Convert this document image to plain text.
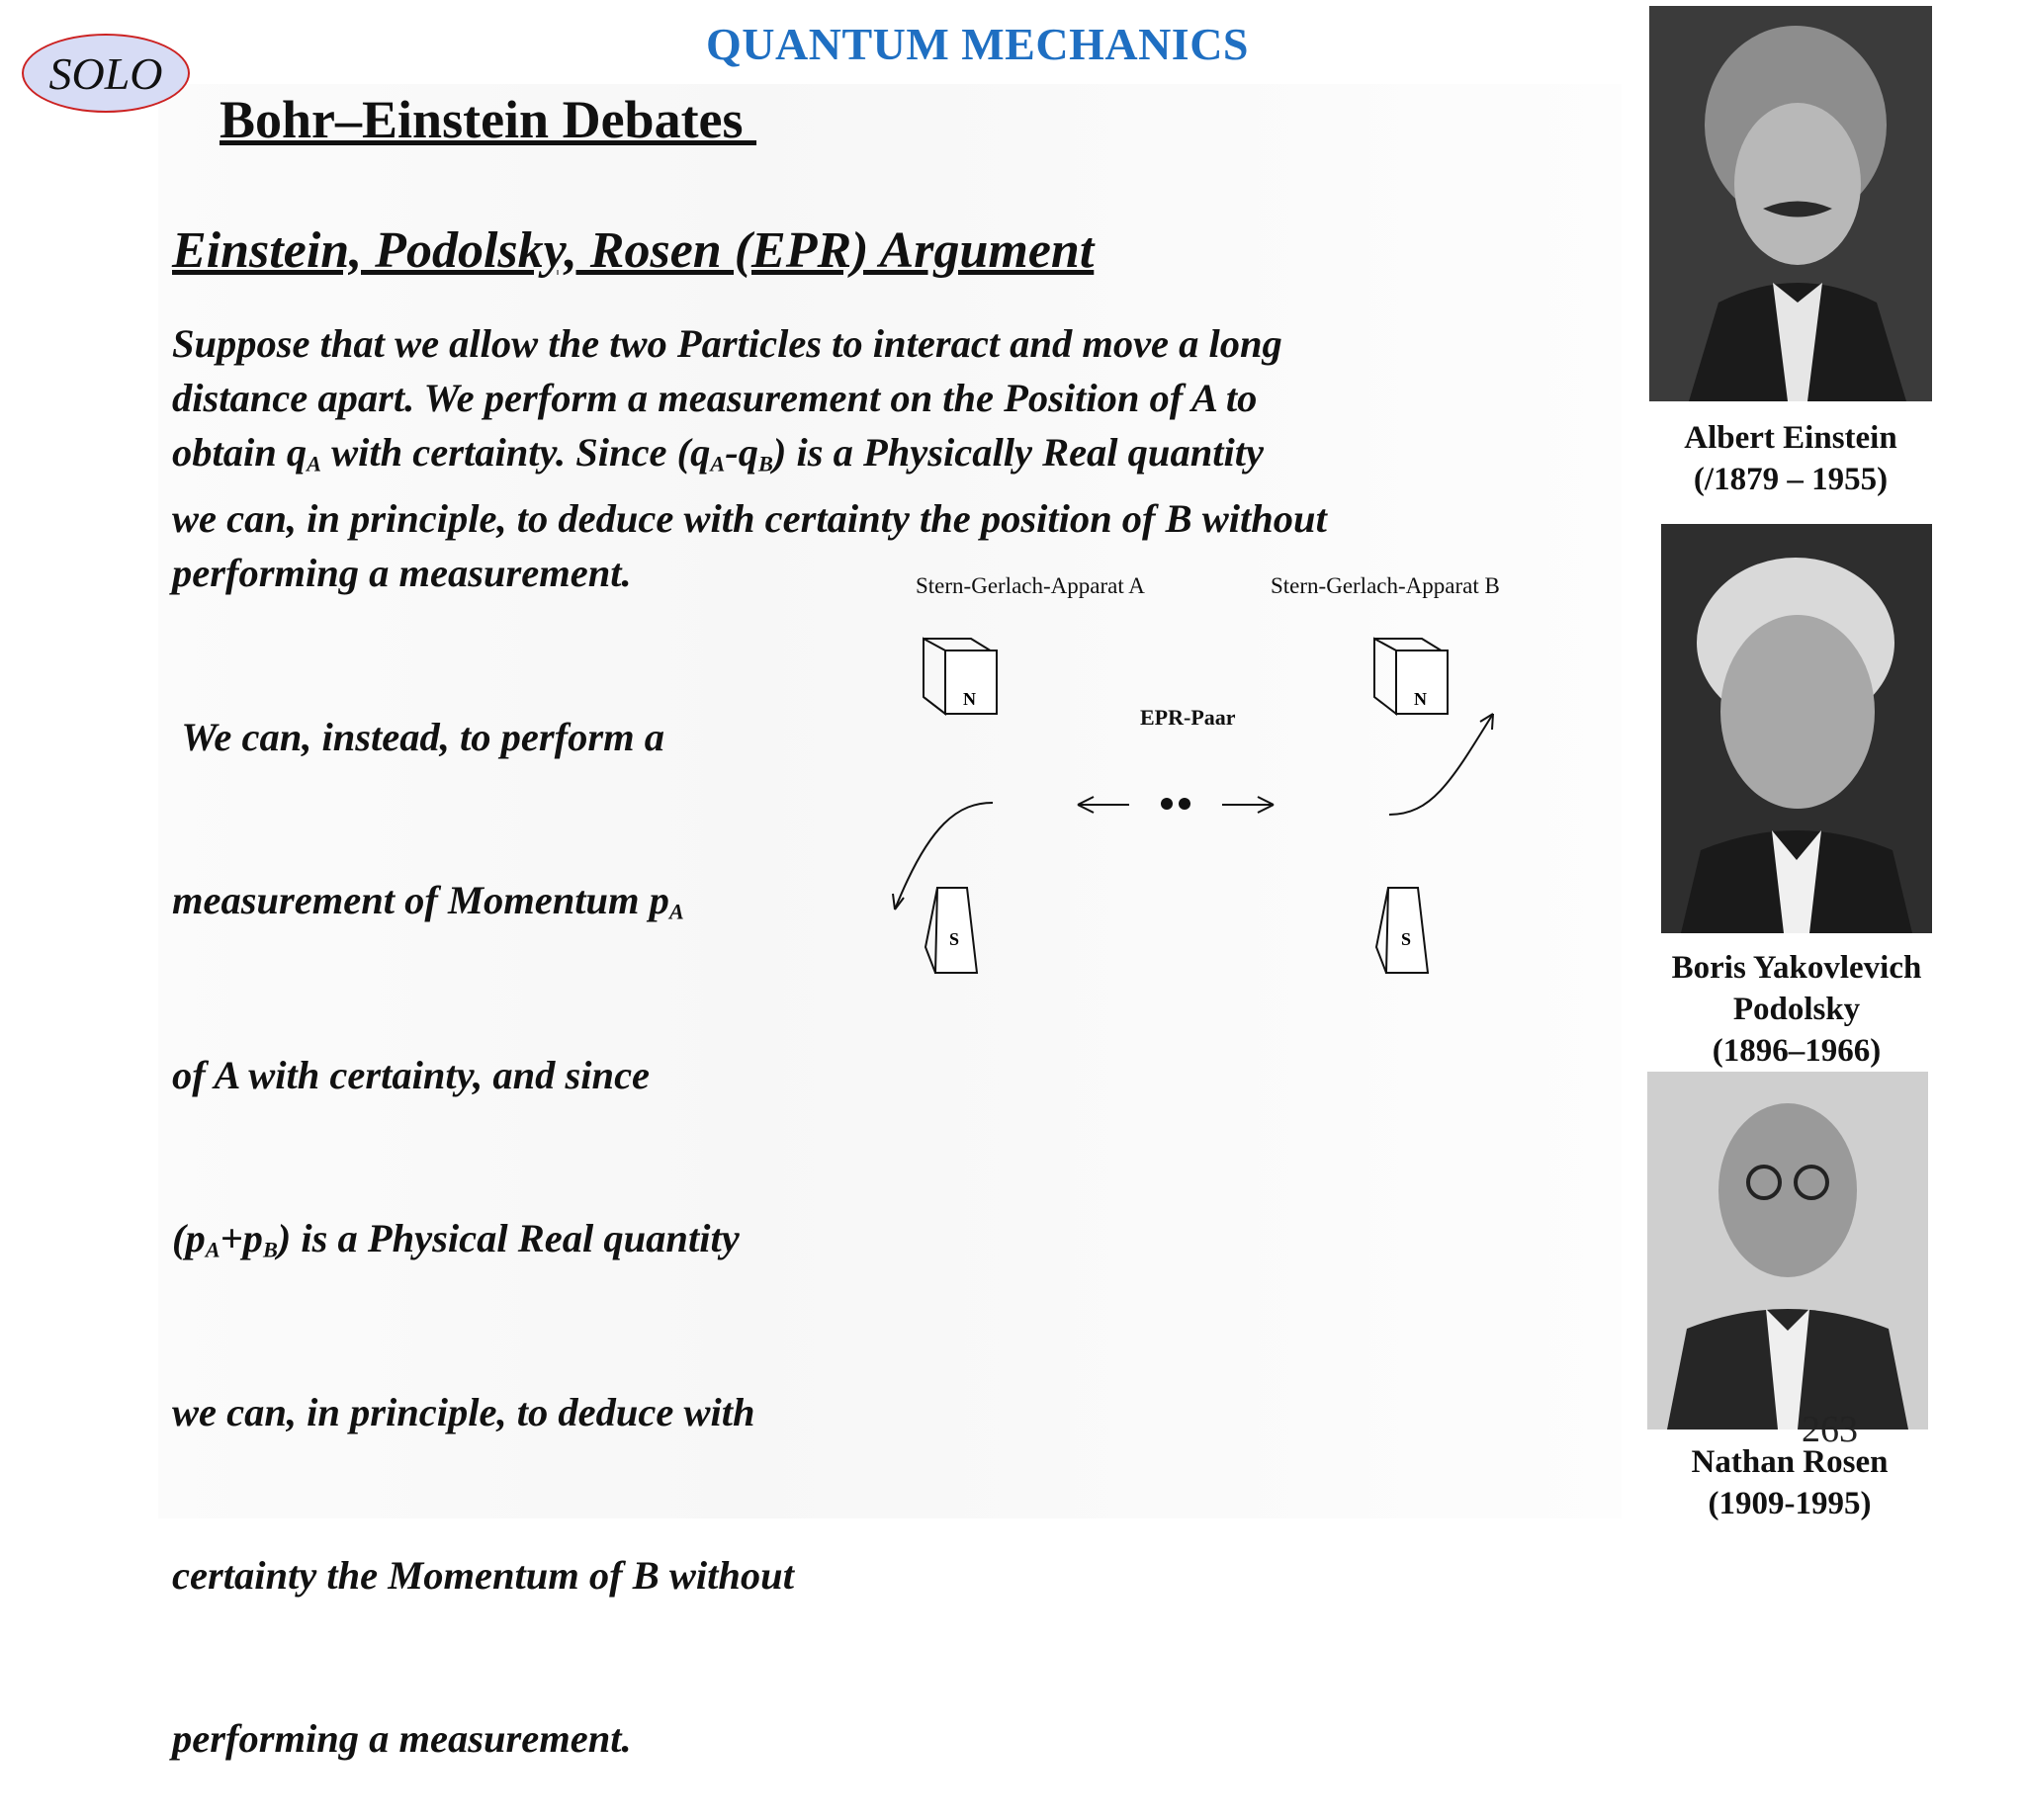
SOLO
QUANTUM MECHANICS
Bohr–Einstein Debates
Einstein, Podolsky, Rosen (EPR) Argument
Suppose that we allow the two Particles to interact and move a long
distance apart. We perform a measurement on the Position of A to
obtain $q_A$ with certainty. Since $(q_A-q_B)$ is a Physically Real quantity
we can, in principle, to deduce with certainty the position of B without
performing a measurement.

We can, instead, to perform a

measurement of Momentum $p_A$

of A with certainty, and since

$(p_A+p_B)$ is a Physical Real quantity

we can, in principle, to deduce with

certainty the Momentum of B without

performing a measurement.

Stern-Gerlach-Apparat A	Stern-Gerlach-Apparat B
EPR-Paar
N	N
S	S
Albert Einstein
(/1879 – 1955)
Boris Yakovlevich
Podolsky
(1896–1966)
263
Nathan Rosen
(1909-1995)
